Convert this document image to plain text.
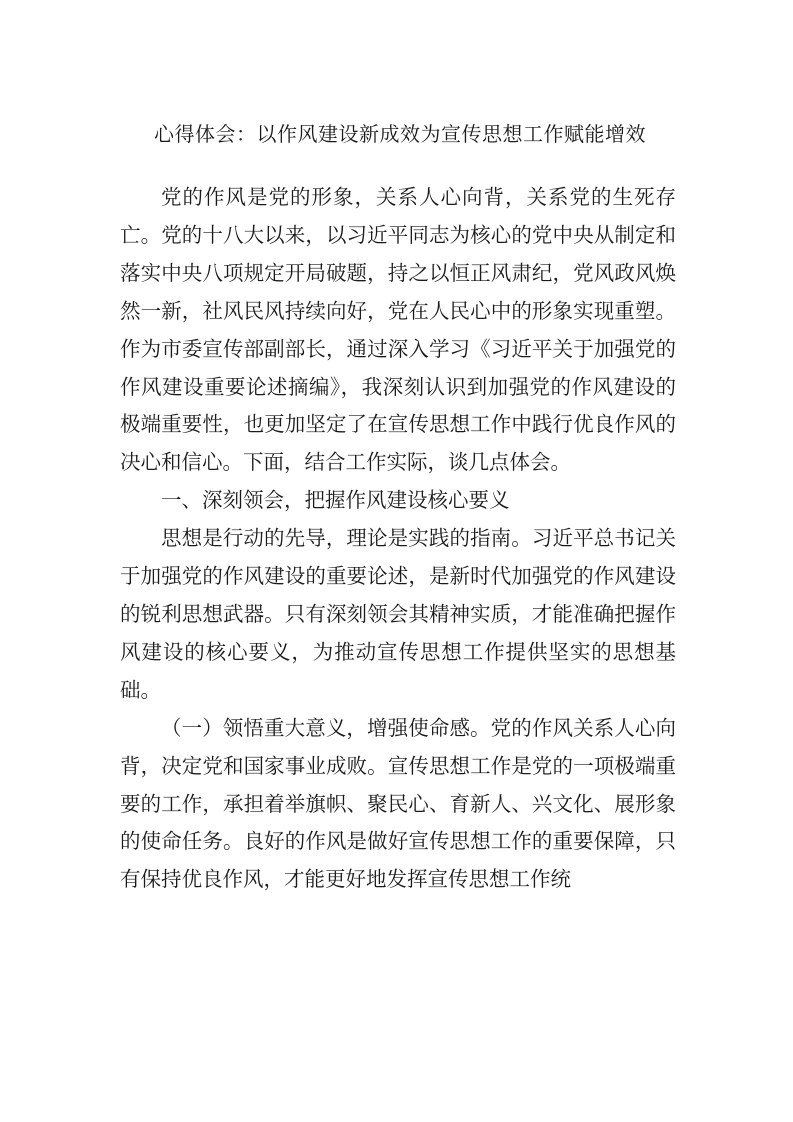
心得体会：以作风建设新成效为宣传思想工作赋能增效

党的作风是党的形象，关系人心向背，关系党的生死存亡。党的十八大以来，以习近平同志为核心的党中央从制定和落实中央八项规定开局破题，持之以恒正风肃纪，党风政风焕然一新，社风民风持续向好，党在人民心中的形象实现重塑。作为市委宣传部副部长，通过深入学习《习近平关于加强党的作风建设重要论述摘编》，我深刻认识到加强党的作风建设的极端重要性，也更加坚定了在宣传思想工作中践行优良作风的决心和信心。下面，结合工作实际，谈几点体会。

一、深刻领会，把握作风建设核心要义

思想是行动的先导，理论是实践的指南。习近平总书记关于加强党的作风建设的重要论述，是新时代加强党的作风建设的锐利思想武器。只有深刻领会其精神实质，才能准确把握作风建设的核心要义，为推动宣传思想工作提供坚实的思想基础。

（一）领悟重大意义，增强使命感。党的作风关系人心向背，决定党和国家事业成败。宣传思想工作是党的一项极端重要的工作，承担着举旗帜、聚民心、育新人、兴文化、展形象的使命任务。良好的作风是做好宣传思想工作的重要保障，只有保持优良作风，才能更好地发挥宣传思想工作统
